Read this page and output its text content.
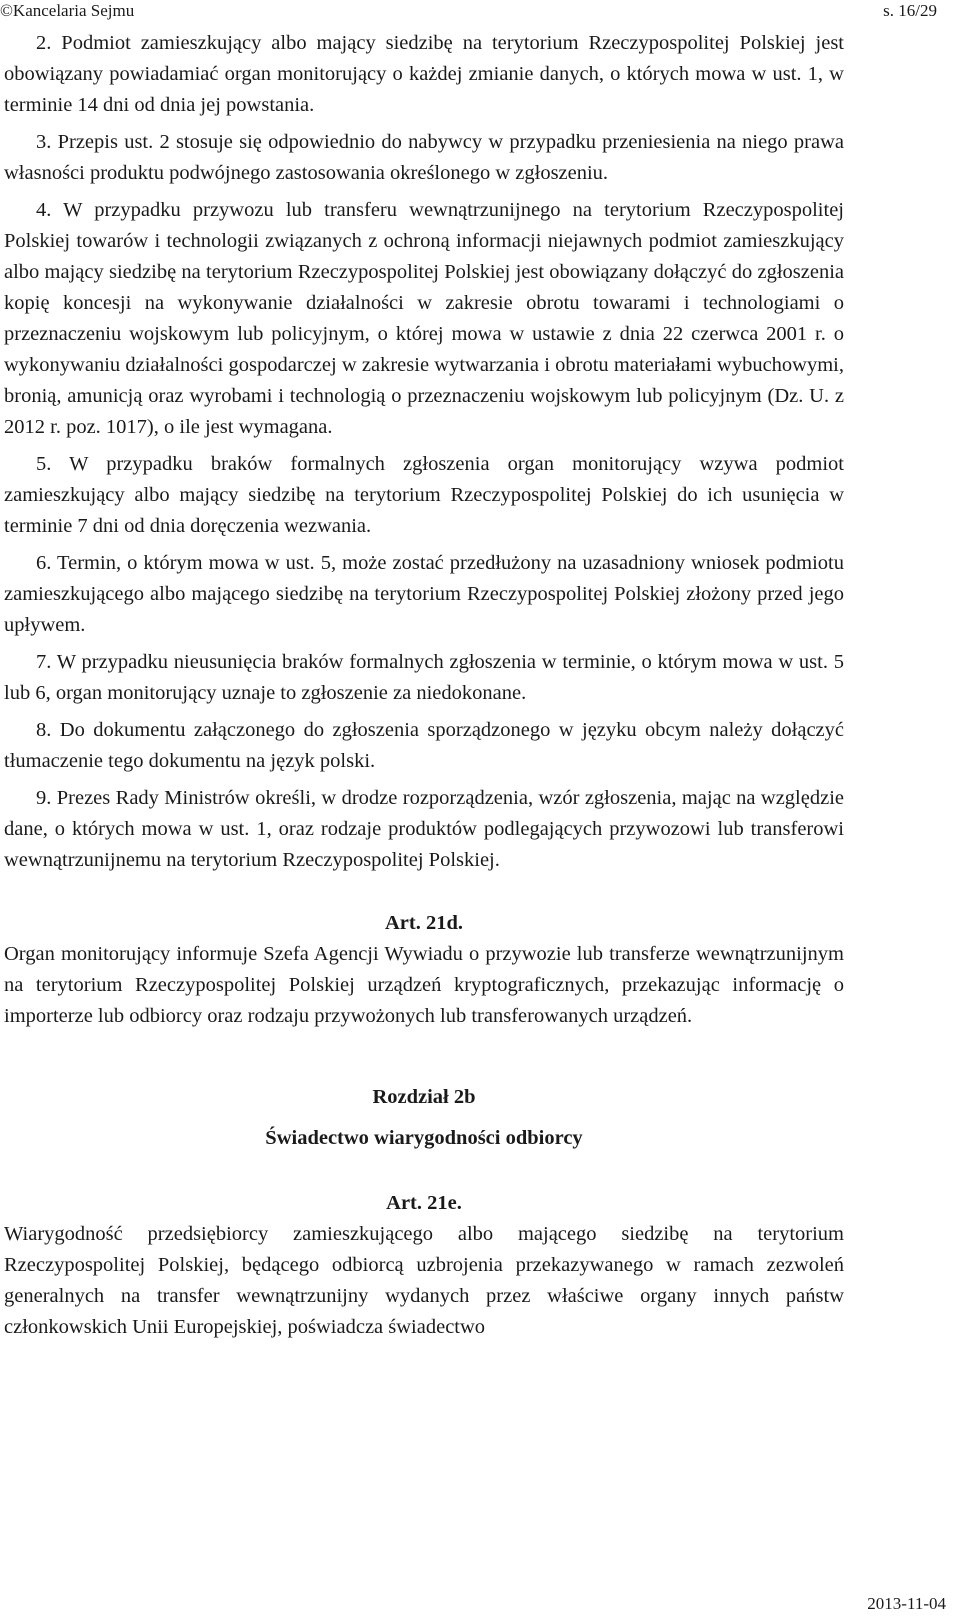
©Kancelaria Sejmu	s. 16/29

2. Podmiot zamieszkujący albo mający siedzibę na terytorium Rzeczypospolitej Polskiej jest obowiązany powiadamiać organ monitorujący o każdej zmianie danych, o których mowa w ust. 1, w terminie 14 dni od dnia jej powstania.

3. Przepis ust. 2 stosuje się odpowiednio do nabywcy w przypadku przeniesienia na niego prawa własności produktu podwójnego zastosowania określonego w zgłoszeniu.

4. W przypadku przywozu lub transferu wewnątrzunijnego na terytorium Rzeczypospolitej Polskiej towarów i technologii związanych z ochroną informacji niejawnych podmiot zamieszkujący albo mający siedzibę na terytorium Rzeczypospolitej Polskiej jest obowiązany dołączyć do zgłoszenia kopię koncesji na wykonywanie działalności w zakresie obrotu towarami i technologiami o przeznaczeniu wojskowym lub policyjnym, o której mowa w ustawie z dnia 22 czerwca 2001 r. o wykonywaniu działalności gospodarczej w zakresie wytwarzania i obrotu materiałami wybuchowymi, bronią, amunicją oraz wyrobami i technologią o przeznaczeniu wojskowym lub policyjnym (Dz. U. z 2012 r. poz. 1017), o ile jest wymagana.

5. W przypadku braków formalnych zgłoszenia organ monitorujący wzywa podmiot zamieszkujący albo mający siedzibę na terytorium Rzeczypospolitej Polskiej do ich usunięcia w terminie 7 dni od dnia doręczenia wezwania.

6. Termin, o którym mowa w ust. 5, może zostać przedłużony na uzasadniony wniosek podmiotu zamieszkującego albo mającego siedzibę na terytorium Rzeczypospolitej Polskiej złożony przed jego upływem.

7. W przypadku nieusunięcia braków formalnych zgłoszenia w terminie, o którym mowa w ust. 5 lub 6, organ monitorujący uznaje to zgłoszenie za niedokonane.

8. Do dokumentu załączonego do zgłoszenia sporządzonego w języku obcym należy dołączyć tłumaczenie tego dokumentu na język polski.

9. Prezes Rady Ministrów określi, w drodze rozporządzenia, wzór zgłoszenia, mając na względzie dane, o których mowa w ust. 1, oraz rodzaje produktów podlegających przywozowi lub transferowi wewnątrzunijnemu na terytorium Rzeczypospolitej Polskiej.

Art. 21d.

Organ monitorujący informuje Szefa Agencji Wywiadu o przywozie lub transferze wewnątrzunijnym na terytorium Rzeczypospolitej Polskiej urządzeń kryptograficznych, przekazując informację o importerze lub odbiorcy oraz rodzaju przywożonych lub transferowanych urządzeń.

Rozdział 2b
Świadectwo wiarygodności odbiorcy
Art. 21e.

Wiarygodność przedsiębiorcy zamieszkującego albo mającego siedzibę na terytorium Rzeczypospolitej Polskiej, będącego odbiorcą uzbrojenia przekazywanego w ramach zezwoleń generalnych na transfer wewnątrzunijny wydanych przez właściwe organy innych państw członkowskich Unii Europejskiej, poświadcza świadectwo

2013-11-04
